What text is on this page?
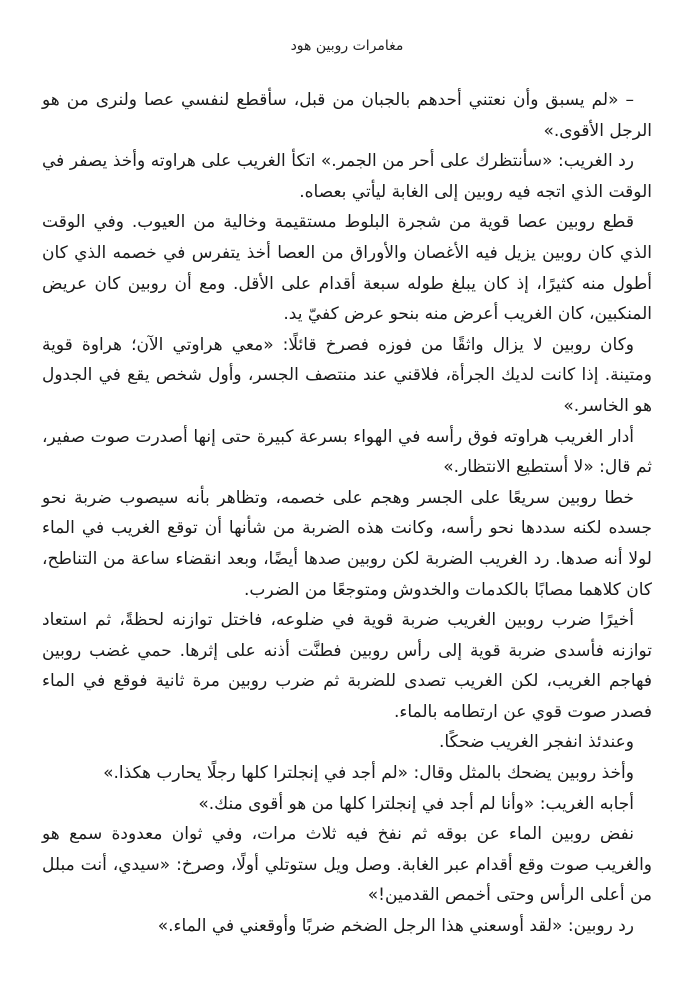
مغامرات روبين هود

– «لم يسبق وأن نعتني أحدهم بالجبان من قبل، سأقطع لنفسي عصا ولنرى من هو الرجل الأقوى.»

رد الغريب: «سأنتظرك على أحر من الجمر.» اتكأ الغريب على هراوته وأخذ يصفر في الوقت الذي اتجه فيه روبين إلى الغابة ليأتي بعصاه.

قطع روبين عصا قوية من شجرة البلوط مستقيمة وخالية من العيوب. وفي الوقت الذي كان روبين يزيل فيه الأغصان والأوراق من العصا أخذ يتفرس في خصمه الذي كان أطول منه كثيرًا، إذ كان يبلغ طوله سبعة أقدام على الأقل. ومع أن روبين كان عريض المنكبين، كان الغريب أعرض منه بنحو عرض كفيّ يد.

وكان روبين لا يزال واثقًا من فوزه فصرخ قائلًا: «معي هراوتي الآن؛ هراوة قوية ومتينة. إذا كانت لديك الجرأة، فلاقني عند منتصف الجسر، وأول شخص يقع في الجدول هو الخاسر.»

أدار الغريب هراوته فوق رأسه في الهواء بسرعة كبيرة حتى إنها أصدرت صوت صفير، ثم قال: «لا أستطيع الانتظار.»

خطا روبين سريعًا على الجسر وهجم على خصمه، وتظاهر بأنه سيصوب ضربة نحو جسده لكنه سددها نحو رأسه، وكانت هذه الضربة من شأنها أن توقع الغريب في الماء لولا أنه صدها. رد الغريب الضربة لكن روبين صدها أيضًا، وبعد انقضاء ساعة من التناطح، كان كلاهما مصابًا بالكدمات والخدوش ومتوجعًا من الضرب.

أخيرًا ضرب روبين الغريب ضربة قوية في ضلوعه، فاختل توازنه لحظةً، ثم استعاد توازنه فأسدى ضربة قوية إلى رأس روبين فطنَّت أذنه على إثرها. حمي غضب روبين فهاجم الغريب، لكن الغريب تصدى للضربة ثم ضرب روبين مرة ثانية فوقع في الماء فصدر صوت قوي عن ارتطامه بالماء.

وعندئذ انفجر الغريب ضحكًا.

وأخذ روبين يضحك بالمثل وقال: «لم أجد في إنجلترا كلها رجلًا يحارب هكذا.»

أجابه الغريب: «وأنا لم أجد في إنجلترا كلها من هو أقوى منك.»

نفض روبين الماء عن بوقه ثم نفخ فيه ثلاث مرات، وفي ثوان معدودة سمع هو والغريب صوت وقع أقدام عبر الغابة. وصل ويل ستوتلي أولًا، وصرخ: «سيدي، أنت مبلل من أعلى الرأس وحتى أخمص القدمين!»

رد روبين: «لقد أوسعني هذا الرجل الضخم ضربًا وأوقعني في الماء.»
